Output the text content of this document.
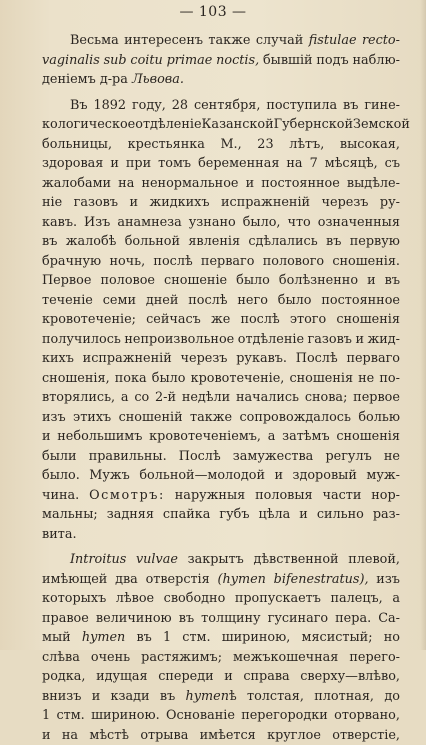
— 103 —
Весьма интересенъ также случай fistulae recto-
vaginalis sub coitu primae noctis, бывшiй подъ наблю-
денiемъ д-ра Львова.
Въ 1892 году, 28 сентября, поступила въ гине-
кологическое отдѣленiе Казанской Губернской Земской
больницы, крестьянка М., 23 лѣтъ, высокая,
здоровая и при томъ беременная на 7 мѣсяцѣ, съ
жалобами на ненормальное и постоянное выдѣле-
нiе газовъ и жидкихъ испражненiй черезъ ру-
кавъ. Изъ анамнеза узнано было, что означенныя
въ жалобѣ больной явленiя сдѣлались въ первую
брачную ночь, послѣ перваго полового сношенiя.
Первое половое сношенiе было болѣзненно и въ
теченiе семи дней послѣ него было постоянное
кровотеченiе; сейчасъ же послѣ этого сношенiя
получилось непроизвольное отдѣленiе газовъ и жид-
кихъ испражненiй черезъ рукавъ. Послѣ перваго
сношенiя, пока было кровотеченiе, сношенiя не по-
вторялись, а со 2-й недѣли начались снова; первое
изъ этихъ сношенiй также сопровождалось болью
и небольшимъ кровотеченiемъ, а затѣмъ сношенiя
были правильны. Послѣ замужества регулъ не
было. Мужъ больной—молодой и здоровый муж-
чина. Осмотръ: наружныя половыя части нор-
мальны; задняя спайка губъ цѣла и сильно раз-
вита.
Introitus vulvae закрытъ дѣвственной плевой,
имѣющей два отверстiя (hymen bifenestratus), изъ
которыхъ лѣвое свободно пропускаетъ палецъ, а
правое величиною въ толщину гусинаго пера. Са-
мый hymen въ 1 стм. шириною, мясистый; но
слѣва очень растяжимъ; межъкошечная перего-
родка, идущая спереди и справа сверху—влѣво,
внизъ и кзади въ hymenѣ толстая, плотная, до
1 стм. шириною. Основанiе перегородки оторвано,
и на мѣстѣ отрыва имѣется круглое отверстiе,
